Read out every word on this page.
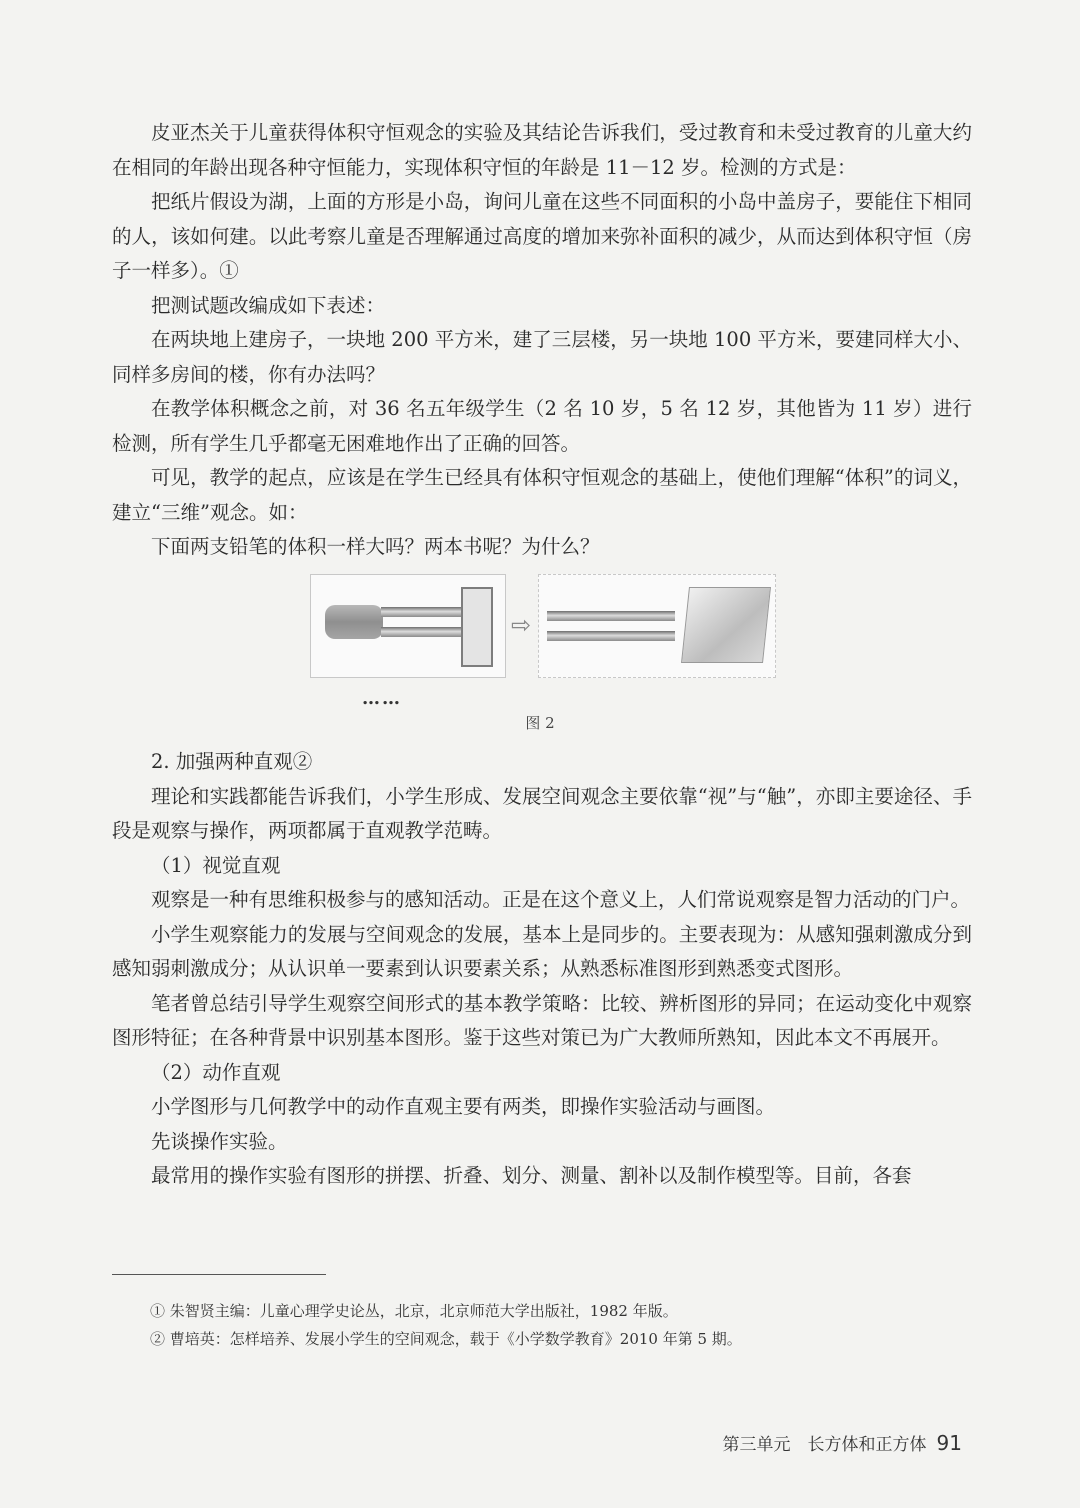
皮亚杰关于儿童获得体积守恒观念的实验及其结论告诉我们，受过教育和未受过教育的儿童大约在相同的年龄出现各种守恒能力，实现体积守恒的年龄是 11－12 岁。检测的方式是：

把纸片假设为湖，上面的方形是小岛，询问儿童在这些不同面积的小岛中盖房子，要能住下相同的人，该如何建。以此考察儿童是否理解通过高度的增加来弥补面积的减少，从而达到体积守恒（房子一样多）。①

把测试题改编成如下表述：

在两块地上建房子，一块地 200 平方米，建了三层楼，另一块地 100 平方米，要建同样大小、同样多房间的楼，你有办法吗？

在教学体积概念之前，对 36 名五年级学生（2 名 10 岁，5 名 12 岁，其他皆为 11 岁）进行检测，所有学生几乎都毫无困难地作出了正确的回答。

可见，教学的起点，应该是在学生已经具有体积守恒观念的基础上，使他们理解“体积”的词义，建立“三维”观念。如：

下面两支铅笔的体积一样大吗？两本书呢？为什么？

⇨
……
图 2

2. 加强两种直观②

理论和实践都能告诉我们，小学生形成、发展空间观念主要依靠“视”与“触”，亦即主要途径、手段是观察与操作，两项都属于直观教学范畴。

（1）视觉直观

观察是一种有思维积极参与的感知活动。正是在这个意义上，人们常说观察是智力活动的门户。

小学生观察能力的发展与空间观念的发展，基本上是同步的。主要表现为：从感知强刺激成分到感知弱刺激成分；从认识单一要素到认识要素关系；从熟悉标准图形到熟悉变式图形。

笔者曾总结引导学生观察空间形式的基本教学策略：比较、辨析图形的异同；在运动变化中观察图形特征；在各种背景中识别基本图形。鉴于这些对策已为广大教师所熟知，因此本文不再展开。

（2）动作直观

小学图形与几何教学中的动作直观主要有两类，即操作实验活动与画图。

先谈操作实验。

最常用的操作实验有图形的拼摆、折叠、划分、测量、割补以及制作模型等。目前，各套

① 朱智贤主编：儿童心理学史论丛，北京，北京师范大学出版社，1982 年版。
② 曹培英：怎样培养、发展小学生的空间观念，载于《小学数学教育》2010 年第 5 期。
第三单元　长方体和正方体 91
